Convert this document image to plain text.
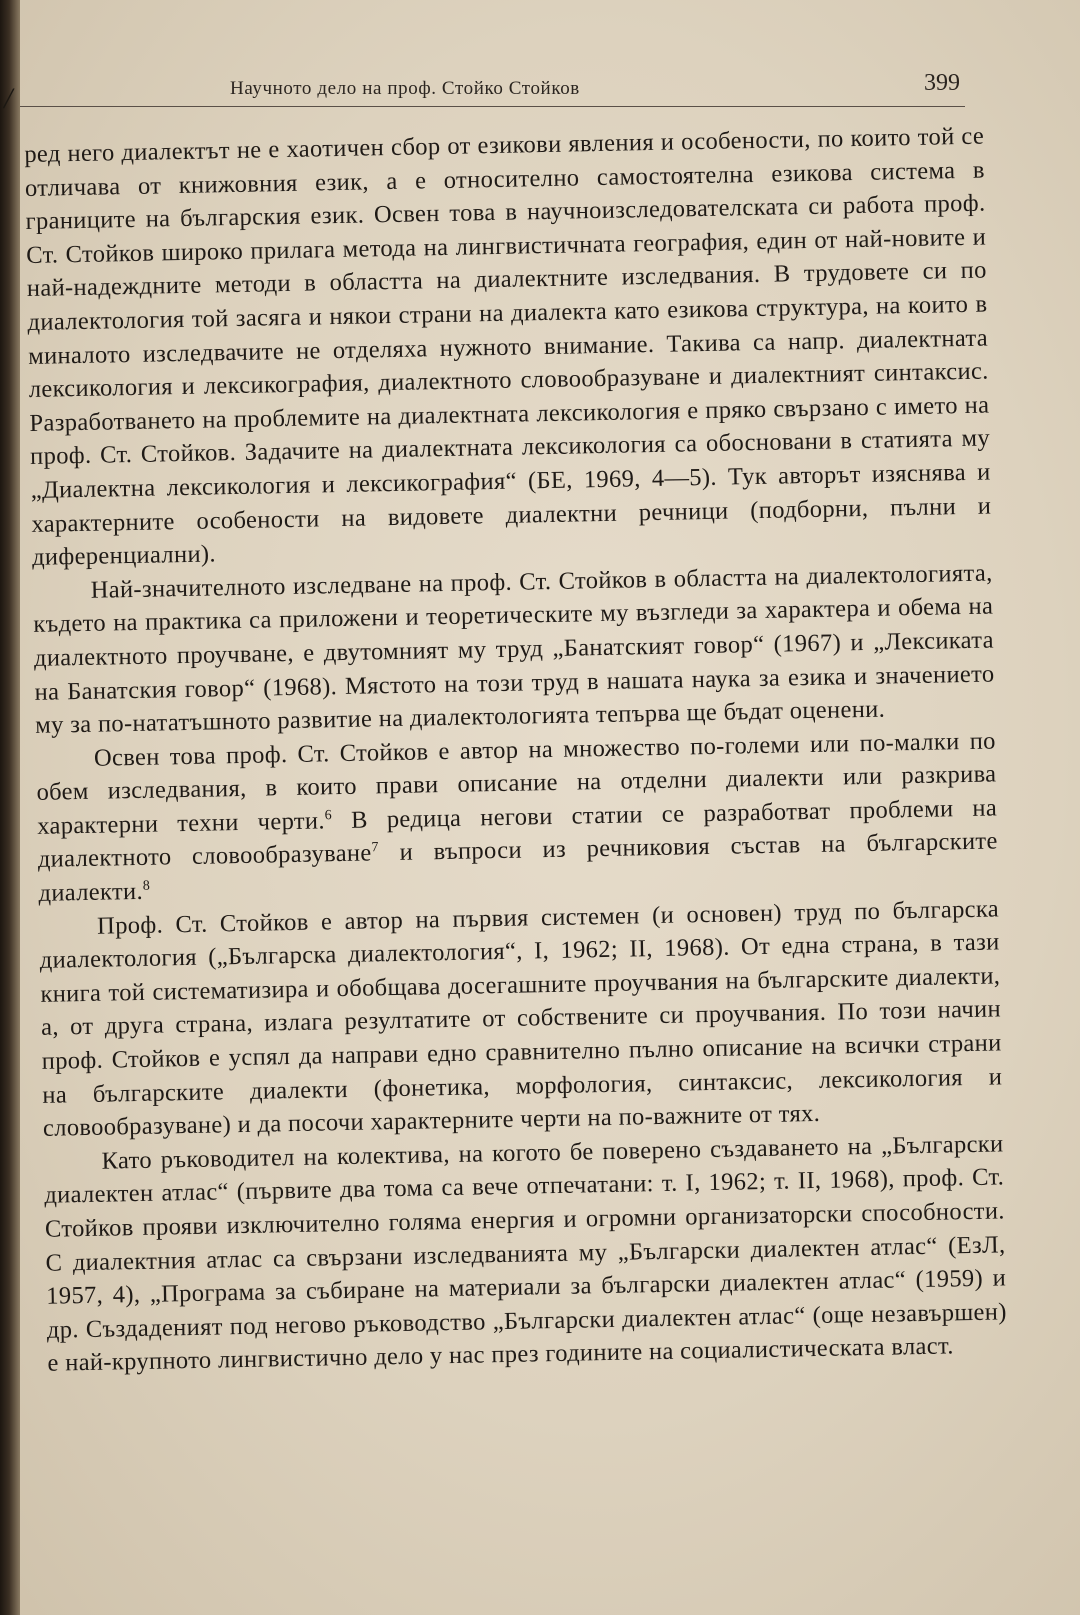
/	Научното дело на проф. Стойко Стойков	399

ред него диалектът не е хаотичен сбор от езикови явления и особености, по които той се отличава от книжовния език, а е относително самостоятелна езикова система в границите на българския език. Освен това в научноизследователската си работа проф. Ст. Стойков широко прилага метода на лингвистичната география, един от най-новите и най-надеждните методи в областта на диалектните изследвания. В трудовете си по диалектология той засяга и някои страни на диалекта като езикова структура, на които в миналото изследвачите не отделяха нужното внимание. Такива са напр. диалектната лексикология и лексикография, диалектното словообразуване и диалектният синтаксис. Разработването на проблемите на диалектната лексикология е пряко свързано с името на проф. Ст. Стойков. Задачите на диалектната лексикология са обосновани в статията му „Диалектна лексикология и лексикография“ (БЕ, 1969, 4—5). Тук авторът изяснява и характерните особености на видовете диалектни речници (подборни, пълни и диференциални).

Най-значителното изследване на проф. Ст. Стойков в областта на диалектологията, където на практика са приложени и теоретическите му възгледи за характера и обема на диалектното проучване, е двутомният му труд „Банатският говор“ (1967) и „Лексиката на Банатския говор“ (1968). Мястото на този труд в нашата наука за езика и значението му за по-нататъшното развитие на диалектологията тепърва ще бъдат оценени.

Освен това проф. Ст. Стойков е автор на множество по-големи или по-малки по обем изследвания, в които прави описание на отделни диалекти или разкрива характерни техни черти.$^6$ В редица негови статии се разработват проблеми на диалектното словообразуване$^7$ и въпроси из речниковия състав на българските диалекти.$^8$

Проф. Ст. Стойков е автор на първия системен (и основен) труд по българска диалектология („Българска диалектология“, I, 1962; II, 1968). От една страна, в тази книга той систематизира и обобщава досегашните проучвания на българските диалекти, а, от друга страна, излага резултатите от собствените си проучвания. По този начин проф. Стойков е успял да направи едно сравнително пълно описание на всички страни на българските диалекти (фонетика, морфология, синтаксис, лексикология и словообразуване) и да посочи характерните черти на по-важните от тях.

Като ръководител на колектива, на когото бе поверено създаването на „Български диалектен атлас“ (първите два тома са вече отпечатани: т. I, 1962; т. II, 1968), проф. Ст. Стойков прояви изключително голяма енергия и огромни организаторски способности. С диалектния атлас са свързани изследванията му „Български диалектен атлас“ (ЕзЛ, 1957, 4), „Програма за събиране на материали за български диалектен атлас“ (1959) и др. Създаденият под негово ръководство „Български диалектен атлас“ (още незавършен) е най-крупното лингвистично дело у нас през годините на социалистическата власт.
